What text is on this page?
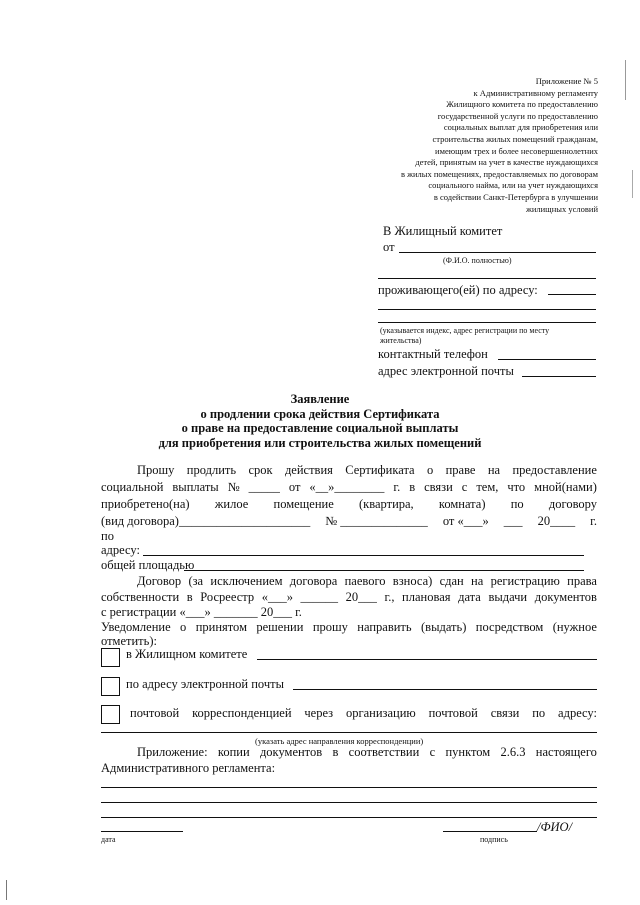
Приложение № 5
к Административному регламенту
Жилищного комитета по предоставлению
государственной услуги по предоставлению
социальных выплат для приобретения или
строительства жилых помещений гражданам,
имеющим трех и более несовершеннолетних
детей, принятым на учет в качестве нуждающихся
в жилых помещениях, предоставляемых по договорам
социального найма, или на учет нуждающихся
в содействии Санкт-Петербурга в улучшении
жилищных условий
В Жилищный комитет
от
(Ф.И.О. полностью)
проживающего(ей) по адресу:
(указывается индекс, адрес регистрации по месту
жительства)
контактный телефон
адрес электронной почты
Заявление
о продлении срока действия Сертификата
о праве на предоставление социальной выплаты
для приобретения или строительства жилых помещений
Прошу продлить срок действия Сертификата о праве на предоставление
социальной выплаты № _____ от «__»________ г. в связи с тем, что мной(нами)
приобретено(на) жилое помещение (квартира, комната) по договору
(вид договора)_____________________ № ______________ от «___» ___ 20____ г.
по
адресу:
общей площадью
Договор (за исключением договора паевого взноса) сдан на регистрацию права
собственности в Росреестр «___» ______ 20___ г., плановая дата выдачи документов
с регистрации «___» _______ 20___ г.
Уведомление о принятом решении прошу направить (выдать) посредством (нужное
отметить):
в Жилищном комитете
по адресу электронной почты
почтовой корреспонденцией через организацию почтовой связи по адресу:
(указать адрес направления корреспонденции)
Приложение: копии документов в соответствии с пунктом 2.6.3 настоящего
Административного регламента:
/ФИО/
дата	подпись
